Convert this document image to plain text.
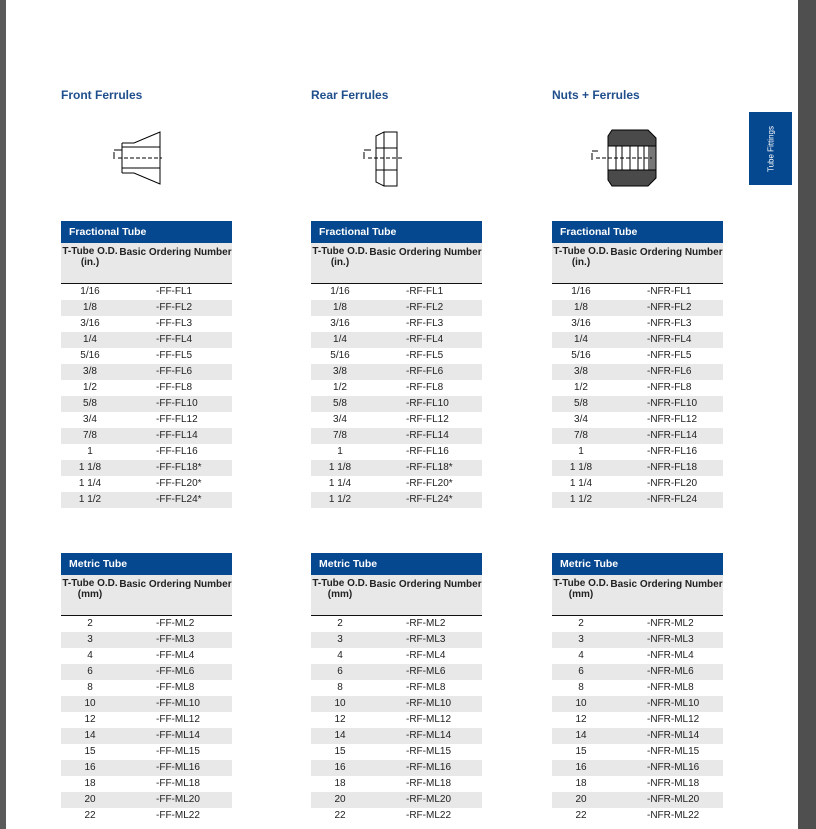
Front Ferrules	Rear Ferrules	Nuts + Ferrules
Tube Fittings
Fractional Tube
T-Tube O.D. (in.)
Basic Ordering Number
1/16	-FF-FL1
1/8	-FF-FL2
3/16	-FF-FL3
1/4	-FF-FL4
5/16	-FF-FL5
3/8	-FF-FL6
1/2	-FF-FL8
5/8	-FF-FL10
3/4	-FF-FL12
7/8	-FF-FL14
1	-FF-FL16
1 1/8	-FF-FL18*
1 1/4	-FF-FL20*
1 1/2	-FF-FL24*
Fractional Tube
T-Tube O.D. (in.)
Basic Ordering Number
1/16	-RF-FL1
1/8	-RF-FL2
3/16	-RF-FL3
1/4	-RF-FL4
5/16	-RF-FL5
3/8	-RF-FL6
1/2	-RF-FL8
5/8	-RF-FL10
3/4	-RF-FL12
7/8	-RF-FL14
1	-RF-FL16
1 1/8	-RF-FL18*
1 1/4	-RF-FL20*
1 1/2	-RF-FL24*
Fractional Tube
T-Tube O.D. (in.)
Basic Ordering Number
1/16	-NFR-FL1
1/8	-NFR-FL2
3/16	-NFR-FL3
1/4	-NFR-FL4
5/16	-NFR-FL5
3/8	-NFR-FL6
1/2	-NFR-FL8
5/8	-NFR-FL10
3/4	-NFR-FL12
7/8	-NFR-FL14
1	-NFR-FL16
1 1/8	-NFR-FL18
1 1/4	-NFR-FL20
1 1/2	-NFR-FL24
Metric Tube
T-Tube O.D. (mm)
Basic Ordering Number
2	-FF-ML2
3	-FF-ML3
4	-FF-ML4
6	-FF-ML6
8	-FF-ML8
10	-FF-ML10
12	-FF-ML12
14	-FF-ML14
15	-FF-ML15
16	-FF-ML16
18	-FF-ML18
20	-FF-ML20
22	-FF-ML22
Metric Tube
T-Tube O.D. (mm)
Basic Ordering Number
2	-RF-ML2
3	-RF-ML3
4	-RF-ML4
6	-RF-ML6
8	-RF-ML8
10	-RF-ML10
12	-RF-ML12
14	-RF-ML14
15	-RF-ML15
16	-RF-ML16
18	-RF-ML18
20	-RF-ML20
22	-RF-ML22
Metric Tube
T-Tube O.D. (mm)
Basic Ordering Number
2	-NFR-ML2
3	-NFR-ML3
4	-NFR-ML4
6	-NFR-ML6
8	-NFR-ML8
10	-NFR-ML10
12	-NFR-ML12
14	-NFR-ML14
15	-NFR-ML15
16	-NFR-ML16
18	-NFR-ML18
20	-NFR-ML20
22	-NFR-ML22
